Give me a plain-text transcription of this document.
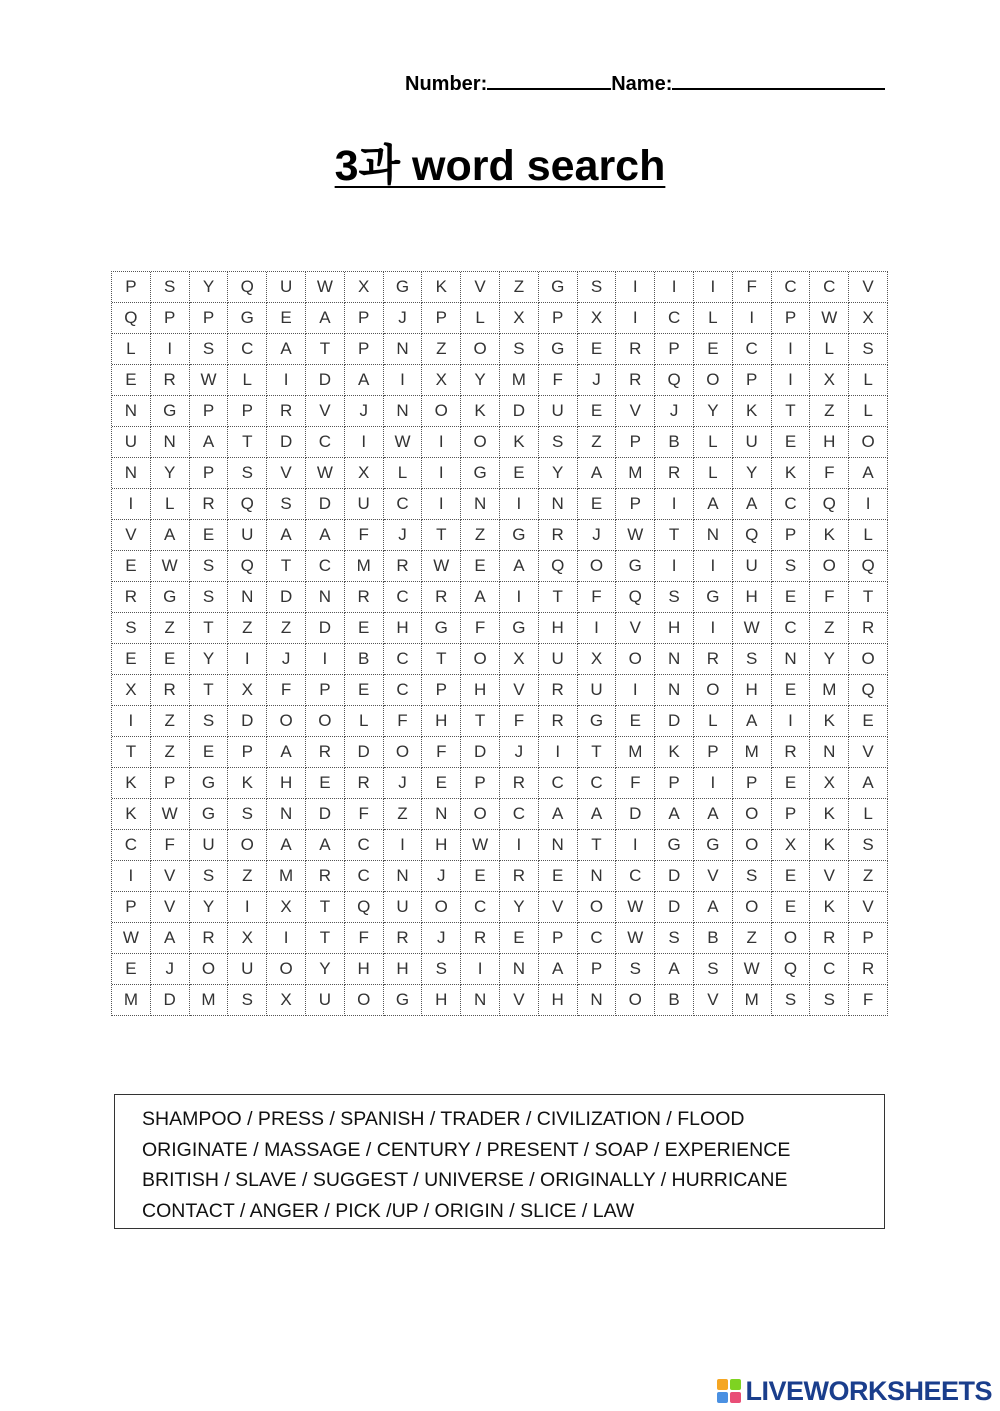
Number:	Name:
3과 word search
P	S	Y	Q	U	W	X	G	K	V	Z	G	S	I	I	I	F	C	C	V
Q	P	P	G	E	A	P	J	P	L	X	P	X	I	C	L	I	P	W	X
L	I	S	C	A	T	P	N	Z	O	S	G	E	R	P	E	C	I	L	S
E	R	W	L	I	D	A	I	X	Y	M	F	J	R	Q	O	P	I	X	L
N	G	P	P	R	V	J	N	O	K	D	U	E	V	J	Y	K	T	Z	L
U	N	A	T	D	C	I	W	I	O	K	S	Z	P	B	L	U	E	H	O
N	Y	P	S	V	W	X	L	I	G	E	Y	A	M	R	L	Y	K	F	A
I	L	R	Q	S	D	U	C	I	N	I	N	E	P	I	A	A	C	Q	I
V	A	E	U	A	A	F	J	T	Z	G	R	J	W	T	N	Q	P	K	L
E	W	S	Q	T	C	M	R	W	E	A	Q	O	G	I	I	U	S	O	Q
R	G	S	N	D	N	R	C	R	A	I	T	F	Q	S	G	H	E	F	T
S	Z	T	Z	Z	D	E	H	G	F	G	H	I	V	H	I	W	C	Z	R
E	E	Y	I	J	I	B	C	T	O	X	U	X	O	N	R	S	N	Y	O
X	R	T	X	F	P	E	C	P	H	V	R	U	I	N	O	H	E	M	Q
I	Z	S	D	O	O	L	F	H	T	F	R	G	E	D	L	A	I	K	E
T	Z	E	P	A	R	D	O	F	D	J	I	T	M	K	P	M	R	N	V
K	P	G	K	H	E	R	J	E	P	R	C	C	F	P	I	P	E	X	A
K	W	G	S	N	D	F	Z	N	O	C	A	A	D	A	A	O	P	K	L
C	F	U	O	A	A	C	I	H	W	I	N	T	I	G	G	O	X	K	S
I	V	S	Z	M	R	C	N	J	E	R	E	N	C	D	V	S	E	V	Z
P	V	Y	I	X	T	Q	U	O	C	Y	V	O	W	D	A	O	E	K	V
W	A	R	X	I	T	F	R	J	R	E	P	C	W	S	B	Z	O	R	P
E	J	O	U	O	Y	H	H	S	I	N	A	P	S	A	S	W	Q	C	R
M	D	M	S	X	U	O	G	H	N	V	H	N	O	B	V	M	S	S	F
SHAMPOO / PRESS / SPANISH / TRADER / CIVILIZATION / FLOOD
ORIGINATE / MASSAGE / CENTURY / PRESENT / SOAP / EXPERIENCE
BRITISH / SLAVE / SUGGEST / UNIVERSE / ORIGINALLY / HURRICANE
CONTACT / ANGER / PICK /UP / ORIGIN / SLICE / LAW
LIVEWORKSHEETS
